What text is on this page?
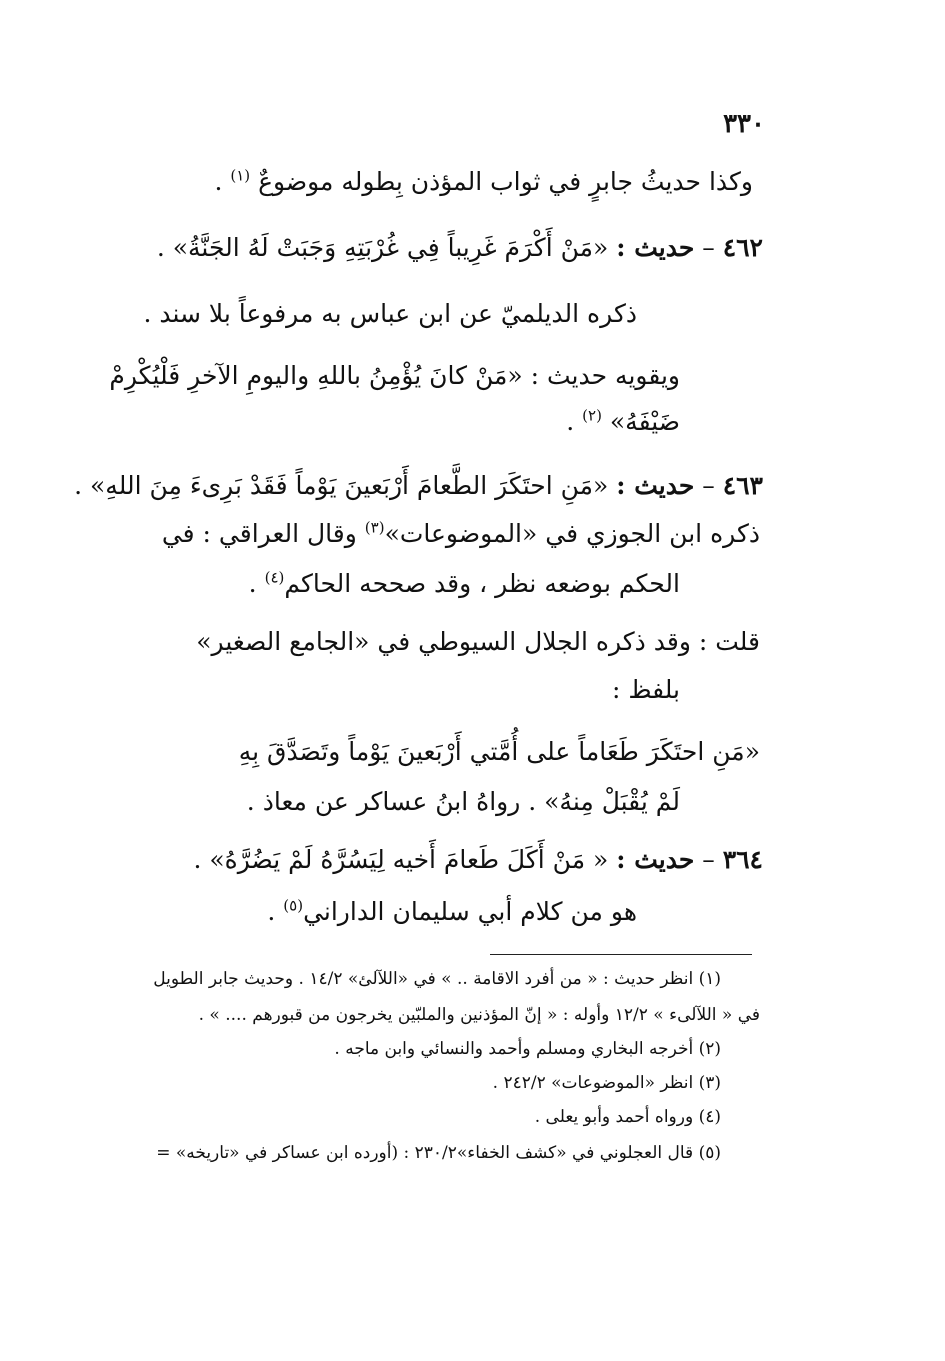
٣٣٠
وكذا حديثُ جابرٍ في ثواب المؤذن بِطوله موضوعٌ $^{(١)}$ .
٤٦٢ – حديث : «مَنْ أَكْرَمَ غَرِيباً فِي غُرْبَتِهِ وَجَبَتْ لَهُ الجَنَّةُ» .
ذكره الديلميّ عن ابن عباس به مرفوعاً بلا سند .
ويقويه حديث : «مَنْ كانَ يُؤْمِنُ باللهِ واليومِ الآخرِ فَلْيُكْرِمْ
ضَيْفَهُ» $^{(٢)}$ .
٤٦٣ – حديث : «مَنِ احتَكَرَ الطَّعامَ أَرْبَعينَ يَوْماً فَقَدْ بَرِىءَ مِنَ اللهِ» .
ذكره ابن الجوزي في «الموضوعات»$^{(٣)}$ وقال العراقي : في
الحكم بوضعه نظر ، وقد صححه الحاكم$^{(٤)}$ .
قلت : وقد ذكره الجلال السيوطي في «الجامع الصغير»
بلفظ :
«مَنِ احتَكَرَ طَعَاماً على أُمَّتي أَرْبَعينَ يَوْماً وتَصَدَّقَ بِهِ
لَمْ يُقْبَلْ مِنهُ» . رواهُ ابنُ عساكر عن معاذ .
٣٦٤ – حديث : « مَنْ أَكَلَ طَعامَ أَخيه لِيَسُرَّهُ لَمْ يَضُرَّهُ» .
هو من كلام أبي سليمان الداراني$^{(٥)}$ .
(١) انظر حديث : « من أفرد الاقامة .. » في «اللآلئ» ١٤/٢ . وحديث جابر الطويل
في « اللآلىء » ١٢/٢ وأوله : « إنّ المؤذنين والملبّين يخرجون من قبورهم .... » .
(٢) أخرجه البخاري ومسلم وأحمد والنسائي وابن ماجه .
(٣) انظر «الموضوعات» ٢٤٢/٢ .
(٤) ورواه أحمد وأبو يعلى .
(٥) قال العجلوني في «كشف الخفاء»٢٣٠/٢ : (أورده ابن عساكر في «تاريخه» =
